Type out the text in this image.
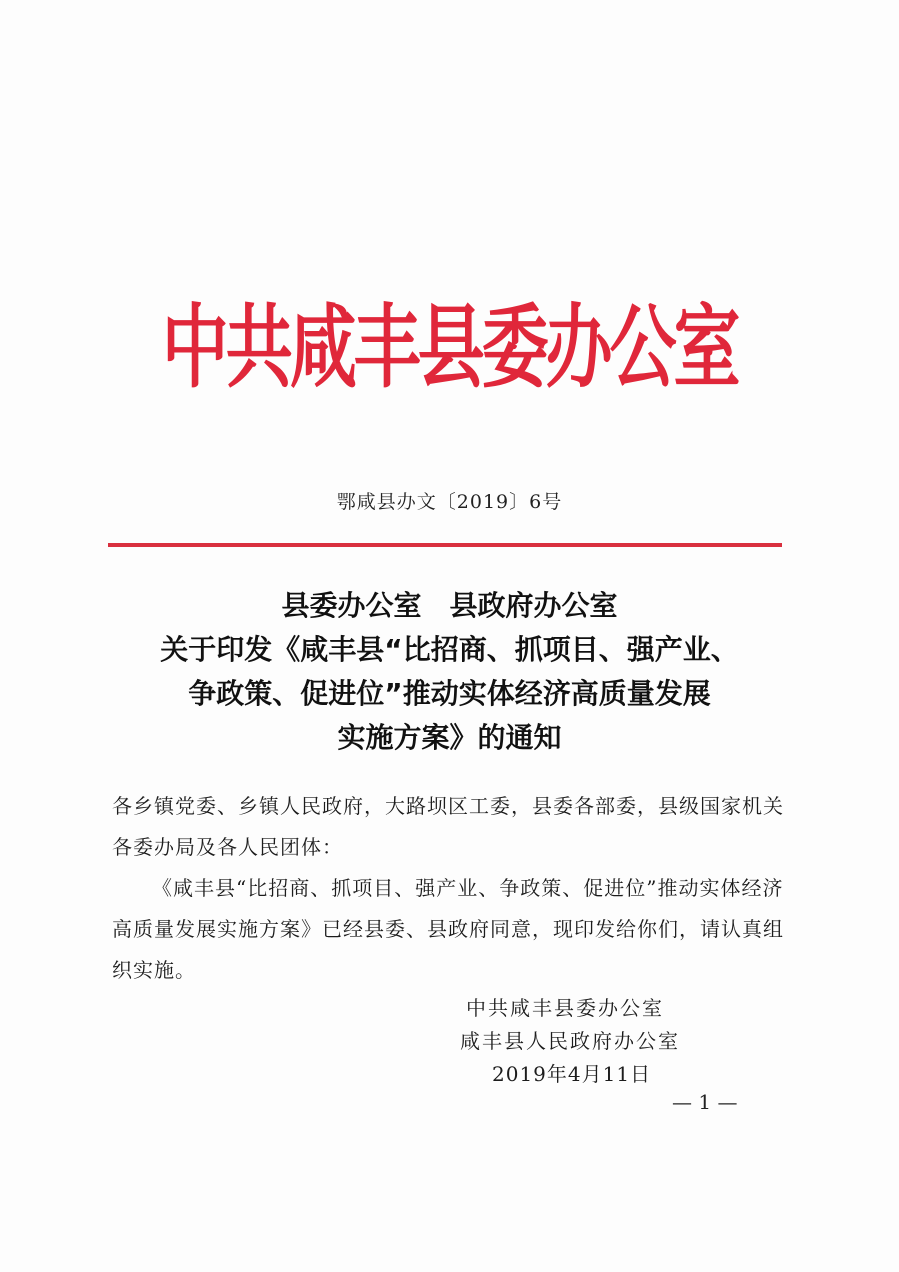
中共咸丰县委办公室
鄂咸县办文〔2019〕6号
县委办公室　县政府办公室
关于印发《咸丰县“比招商、抓项目、强产业、
争政策、促进位”推动实体经济高质量发展
实施方案》的通知

各乡镇党委、乡镇人民政府，大路坝区工委，县委各部委，县级国家机关各委办局及各人民团体：

《咸丰县“比招商、抓项目、强产业、争政策、促进位”推动实体经济高质量发展实施方案》已经县委、县政府同意，现印发给你们，请认真组织实施。

中共咸丰县委办公室
咸丰县人民政府办公室
2019年4月11日
— 1 —
